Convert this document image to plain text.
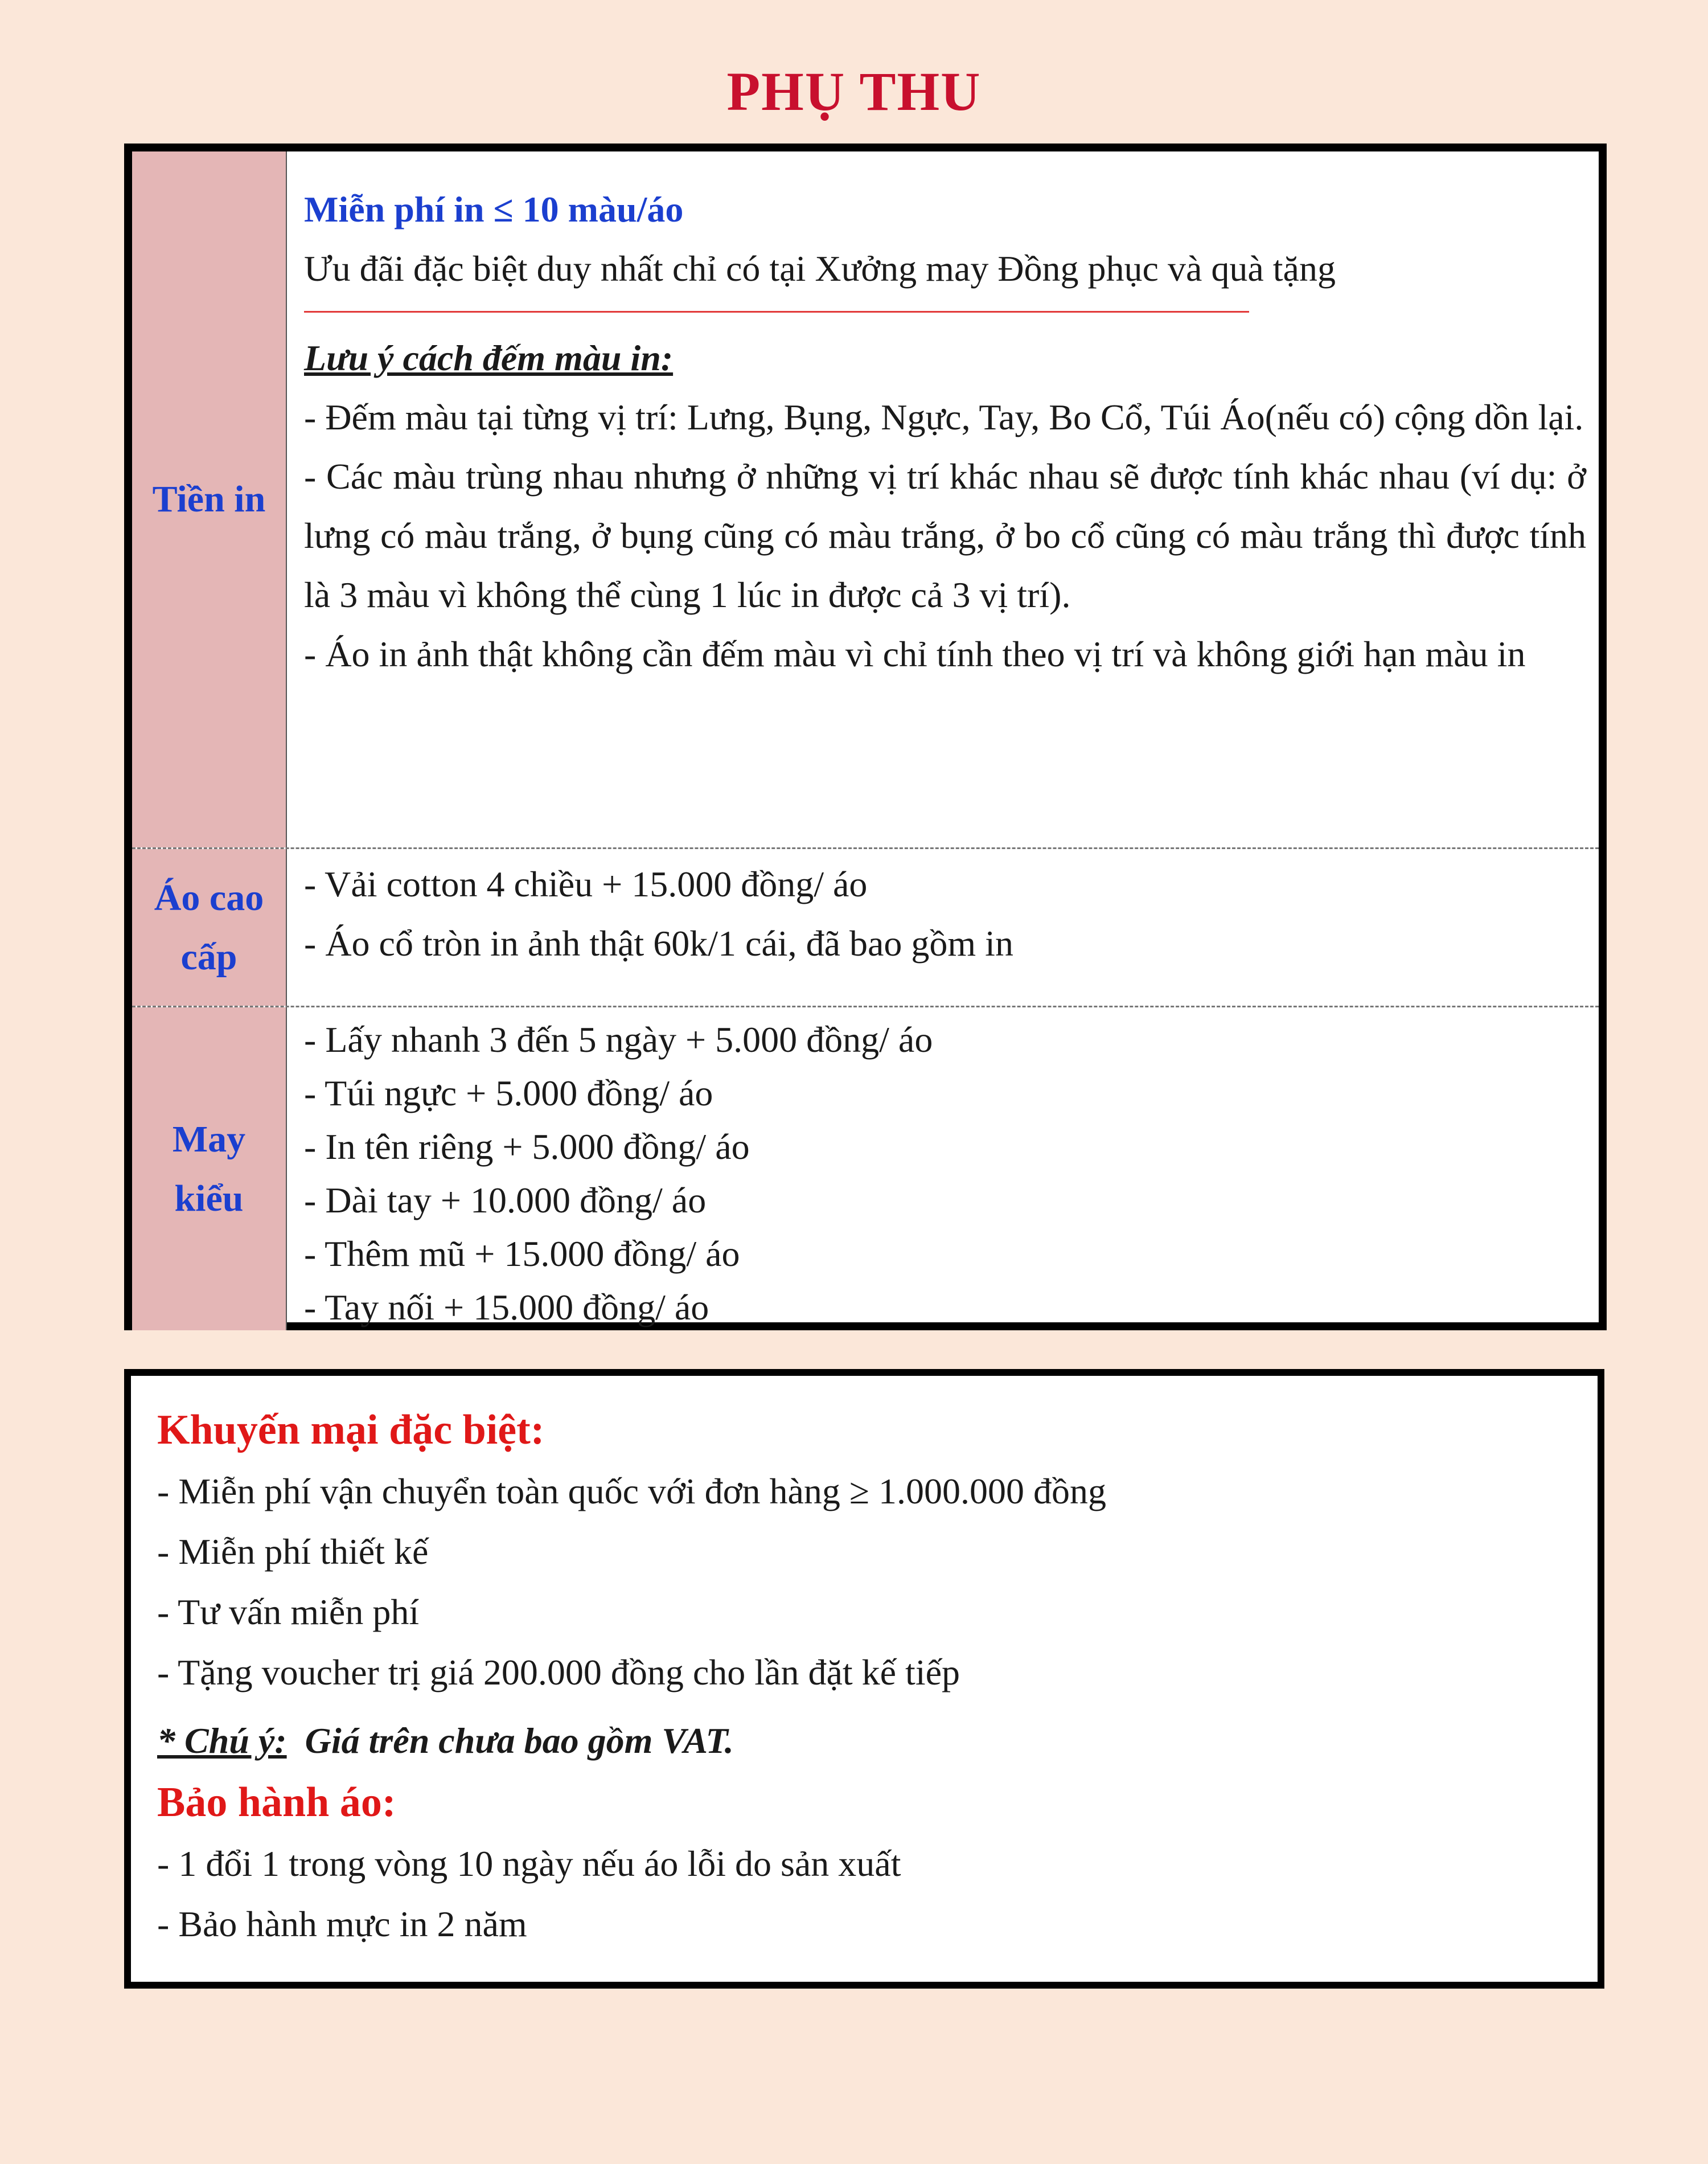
PHỤ THU
Tiền in
Miễn phí in ≤ 10 màu/áo
Ưu đãi đặc biệt duy nhất chỉ có tại Xưởng may Đồng phục và quà tặng
Lưu ý cách đếm màu in:
- Đếm màu tại từng vị trí: Lưng, Bụng, Ngực, Tay, Bo Cổ, Túi Áo(nếu có) cộng dồn lại.
- Các màu trùng nhau nhưng ở những vị trí khác nhau sẽ được tính khác nhau (ví dụ: ở lưng có màu trắng, ở bụng cũng có màu trắng, ở bo cổ cũng có màu trắng thì được tính là 3 màu vì không thể cùng 1 lúc in được cả 3 vị trí).
- Áo in ảnh thật không cần đếm màu vì chỉ tính theo vị trí và không giới hạn màu in
Áo cao
cấp
- Vải cotton 4 chiều + 15.000 đồng/ áo
- Áo cổ tròn in ảnh thật 60k/1 cái, đã bao gồm in
May
kiểu
- Lấy nhanh 3 đến 5 ngày + 5.000 đồng/ áo
- Túi ngực + 5.000 đồng/ áo
- In tên riêng + 5.000 đồng/ áo
- Dài tay + 10.000 đồng/ áo
- Thêm mũ + 15.000 đồng/ áo
- Tay nối + 15.000 đồng/ áo
Khuyến mại đặc biệt:
- Miễn phí vận chuyển toàn quốc với đơn hàng ≥ 1.000.000 đồng
- Miễn phí thiết kế
- Tư vấn miễn phí
- Tặng voucher trị giá 200.000 đồng cho lần đặt kế tiếp
* Chú ý: Giá trên chưa bao gồm VAT.
Bảo hành áo:
- 1 đổi 1 trong vòng 10 ngày nếu áo lỗi do sản xuất
- Bảo hành mực in 2 năm
